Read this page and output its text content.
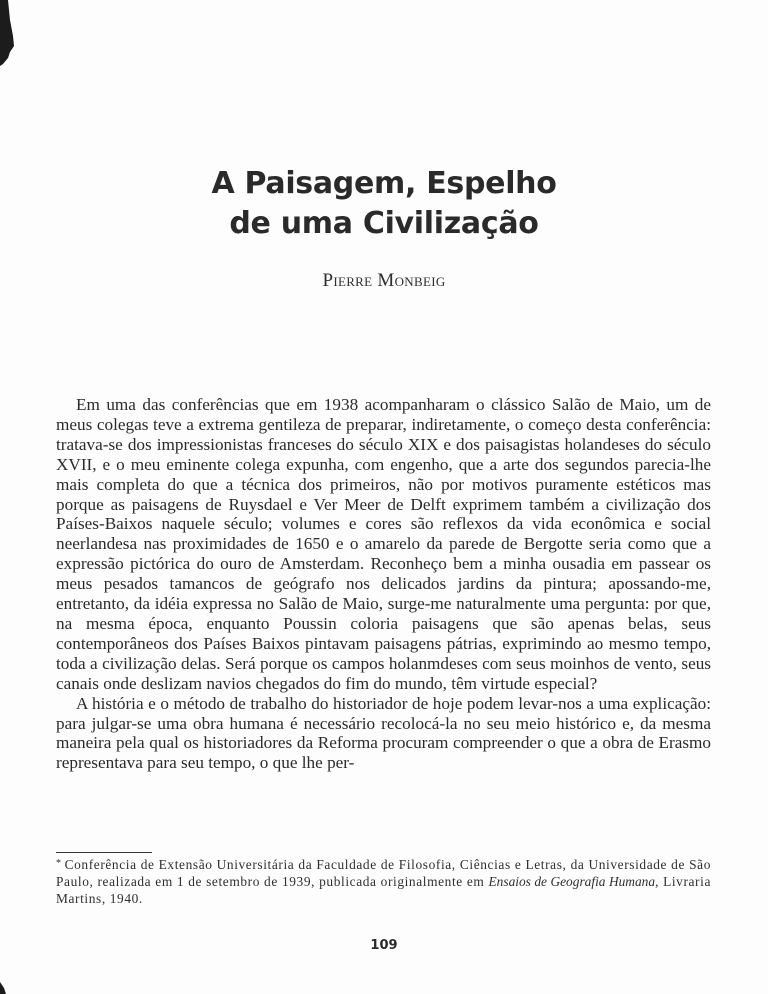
A Paisagem, Espelho
de uma Civilização
Pierre Monbeig

Em uma das conferências que em 1938 acompanharam o clássico Salão de Maio, um de meus colegas teve a extrema gentileza de preparar, indiretamente, o começo desta conferência: tratava-se dos impressionistas franceses do século XIX e dos paisagistas holandeses do século XVII, e o meu eminente colega expunha, com engenho, que a arte dos segundos parecia-lhe mais completa do que a técnica dos primeiros, não por motivos puramente estéticos mas porque as paisagens de Ruysdael e Ver Meer de Delft exprimem também a civilização dos Países-Baixos naquele século; volumes e cores são reflexos da vida econômica e social neerlandesa nas proximidades de 1650 e o amarelo da parede de Bergotte seria como que a expressão pictórica do ouro de Amsterdam. Reconheço bem a minha ousadia em passear os meus pesados tamancos de geógrafo nos delicados jardins da pintura; apossando-me, entretanto, da idéia expressa no Salão de Maio, surge-me naturalmente uma pergunta: por que, na mesma época, enquanto Poussin coloria paisagens que são apenas belas, seus contemporâneos dos Países Baixos pintavam paisagens pátrias, exprimindo ao mesmo tempo, toda a civilização delas. Será porque os campos holanmdeses com seus moinhos de vento, seus canais onde deslizam navios chegados do fim do mundo, têm virtude especial?

A história e o método de trabalho do historiador de hoje podem levar-nos a uma explicação: para julgar-se uma obra humana é necessário recolocá-la no seu meio histórico e, da mesma maneira pela qual os historiadores da Reforma procuram compreender o que a obra de Erasmo representava para seu tempo, o que lhe per-

* Conferência de Extensão Universitária da Faculdade de Filosofia, Ciências e Letras, da Universidade de São Paulo, realizada em 1 de setembro de 1939, publicada originalmente em Ensaios de Geografia Humana, Livraria Martins, 1940.
109
